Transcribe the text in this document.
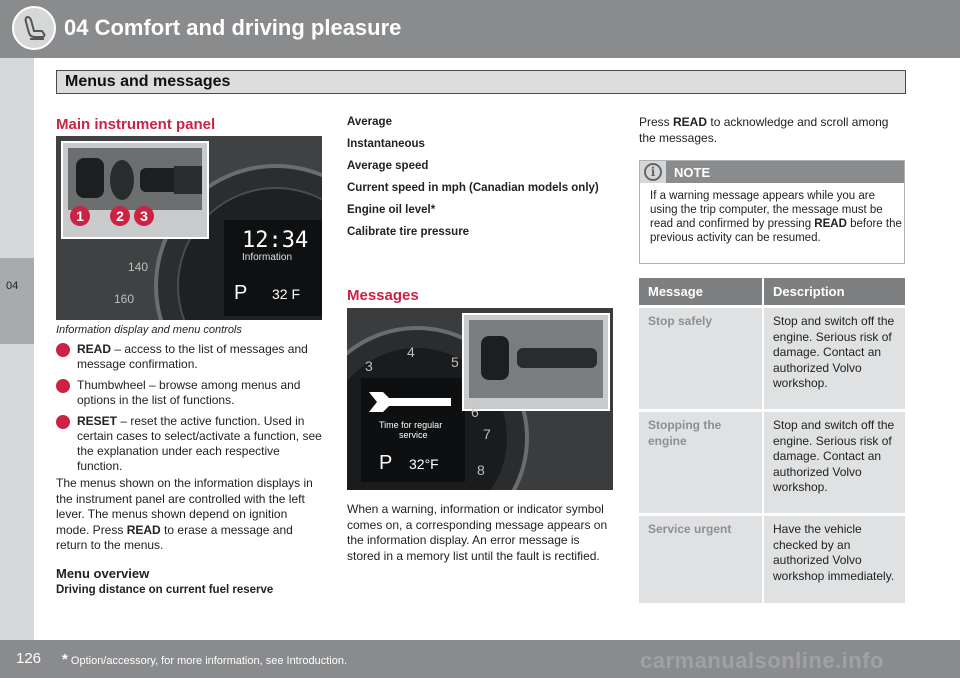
04 Comfort and driving pleasure
Menus and messages
04
Main instrument panel
140
160
12:34
Information
P 32 F
1	2	3
Information display and menu controls
READ – access to the list of messages and message confirmation.
Thumbwheel – browse among menus and options in the list of functions.
RESET – reset the active function. Used in certain cases to select/activate a function, see the explanation under each respective function.
The menus shown on the information displays in the instrument panel are controlled with the left lever. The menus shown depend on ignition mode. Press READ to erase a message and return to the menus.
Menu overview
Driving distance on current fuel reserve
Average
Instantaneous
Average speed
Current speed in mph (Canadian models only)
Engine oil level*
Calibrate tire pressure
Messages
3
4
5
6
7
8
Time for regular
service
P 32°F
When a warning, information or indicator symbol comes on, a corresponding message appears on the information display. An error message is stored in a memory list until the fault is rectified.
Press READ to acknowledge and scroll among the messages.
i	NOTE
If a warning message appears while you are using the trip computer, the message must be read and confirmed by pressing READ before the previous activity can be resumed.
Message	Description
Stop safely	Stop and switch off the engine. Serious risk of damage. Contact an authorized Volvo workshop.
Stopping the engine	Stop and switch off the engine. Serious risk of damage. Contact an authorized Volvo workshop.
Service urgent	Have the vehicle checked by an authorized Volvo workshop immediately.
126 * Option/accessory, for more information, see Introduction.	carmanualsonline.info
